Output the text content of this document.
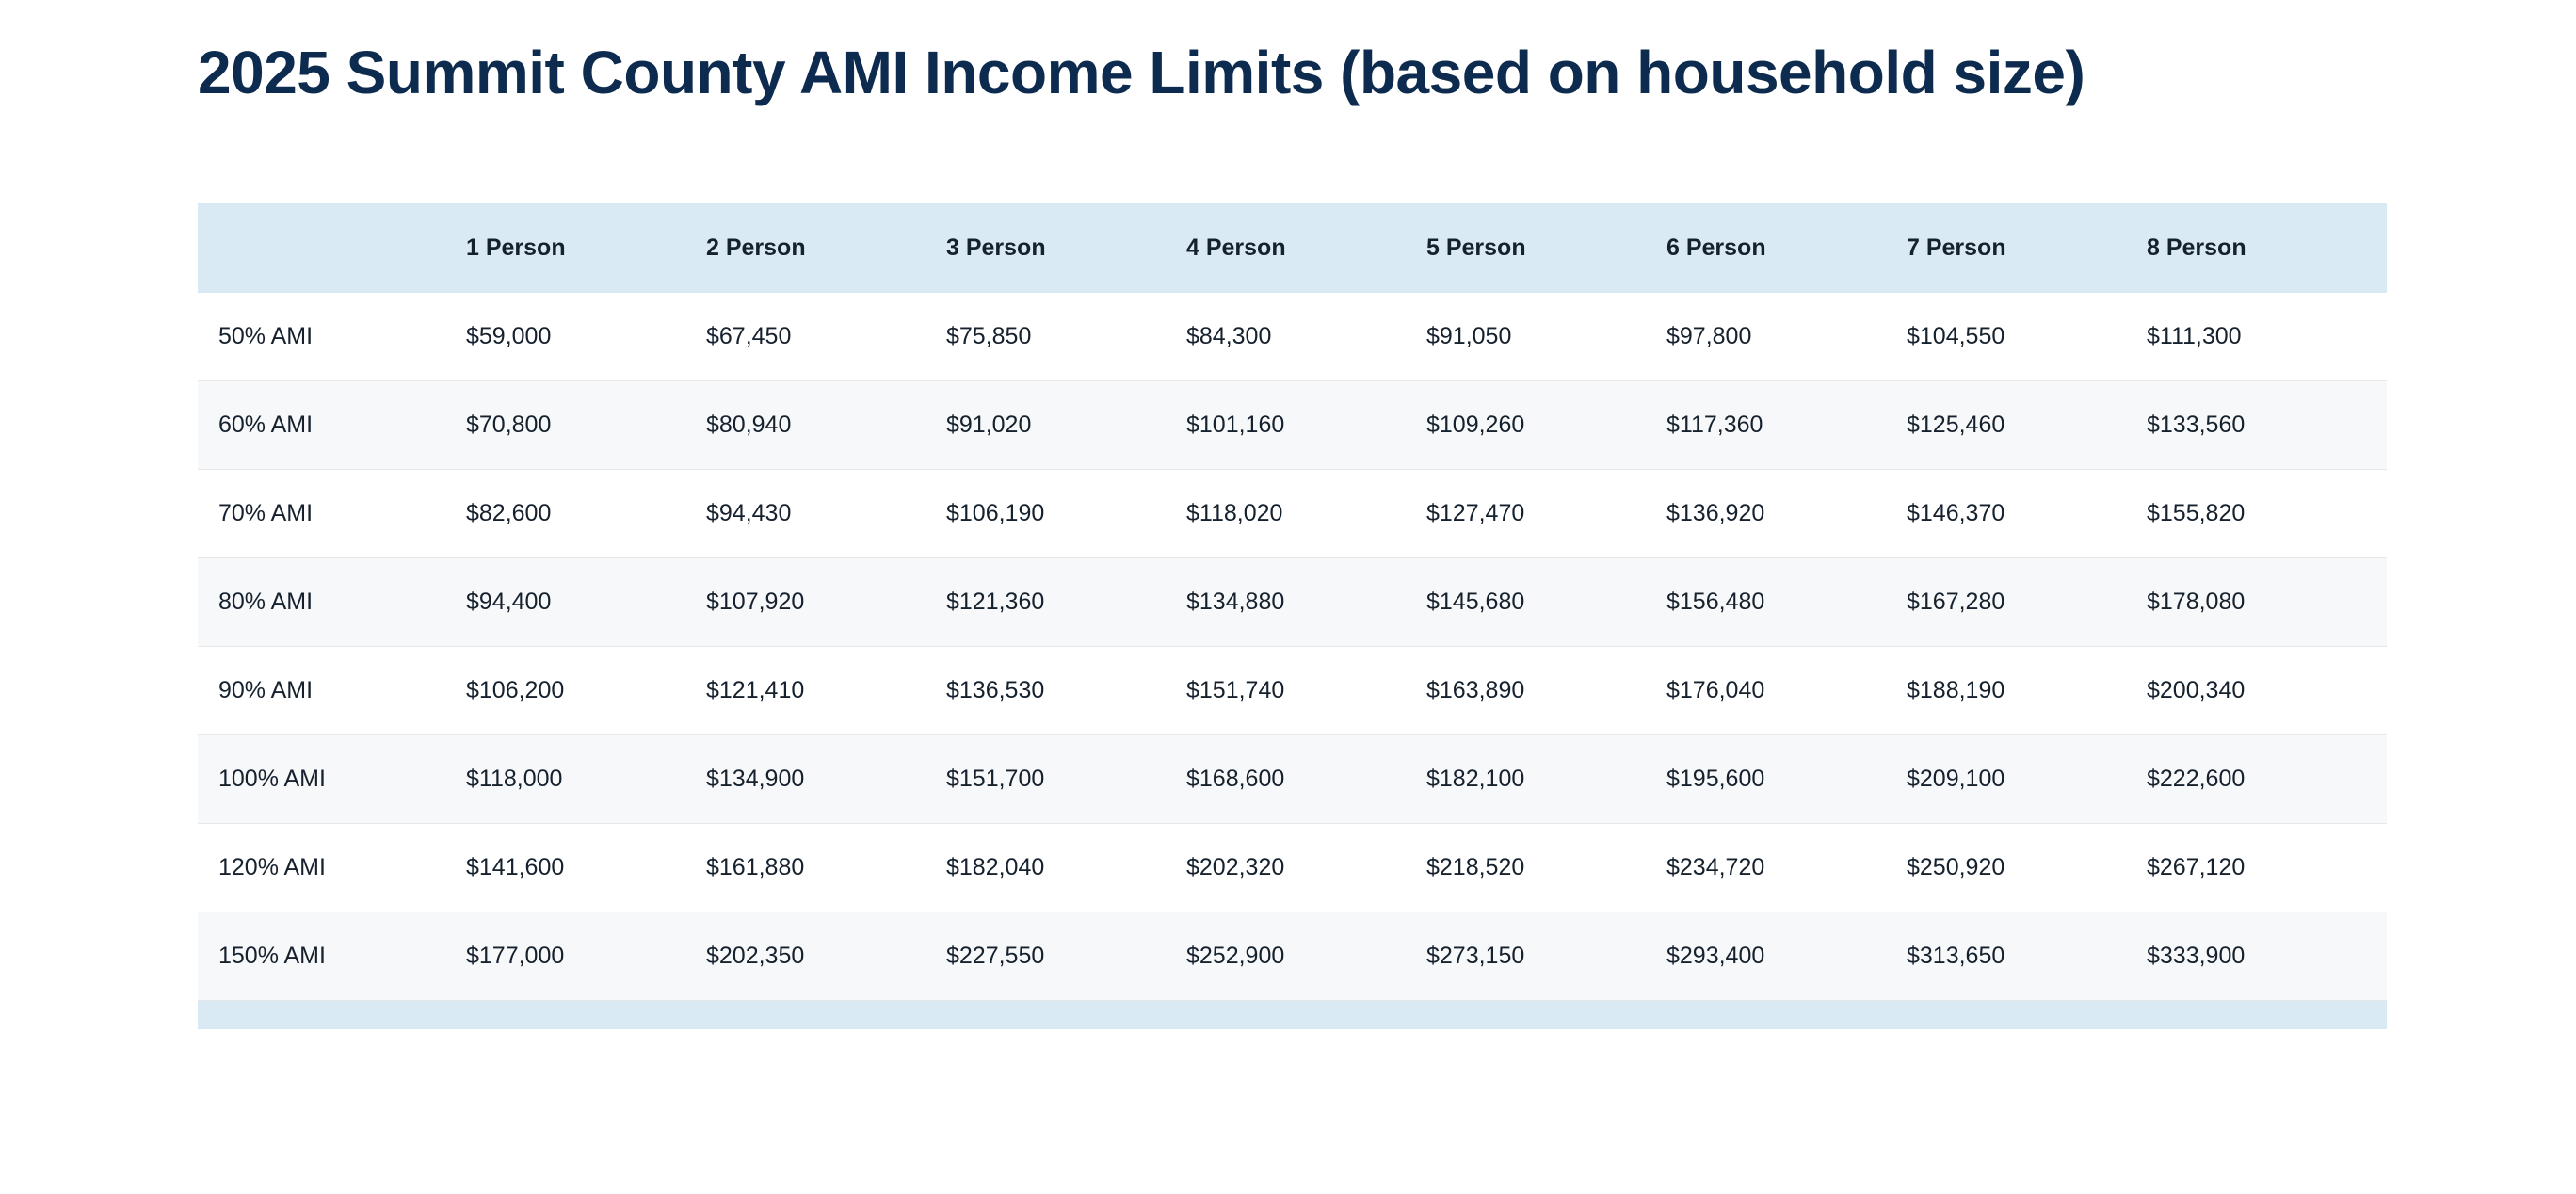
2025 Summit County AMI Income Limits (based on household size)
	1 Person	2 Person	3 Person	4 Person	5 Person	6 Person	7 Person	8 Person
50% AMI	$59,000	$67,450	$75,850	$84,300	$91,050	$97,800	$104,550	$111,300
60% AMI	$70,800	$80,940	$91,020	$101,160	$109,260	$117,360	$125,460	$133,560
70% AMI	$82,600	$94,430	$106,190	$118,020	$127,470	$136,920	$146,370	$155,820
80% AMI	$94,400	$107,920	$121,360	$134,880	$145,680	$156,480	$167,280	$178,080
90% AMI	$106,200	$121,410	$136,530	$151,740	$163,890	$176,040	$188,190	$200,340
100% AMI	$118,000	$134,900	$151,700	$168,600	$182,100	$195,600	$209,100	$222,600
120% AMI	$141,600	$161,880	$182,040	$202,320	$218,520	$234,720	$250,920	$267,120
150% AMI	$177,000	$202,350	$227,550	$252,900	$273,150	$293,400	$313,650	$333,900
